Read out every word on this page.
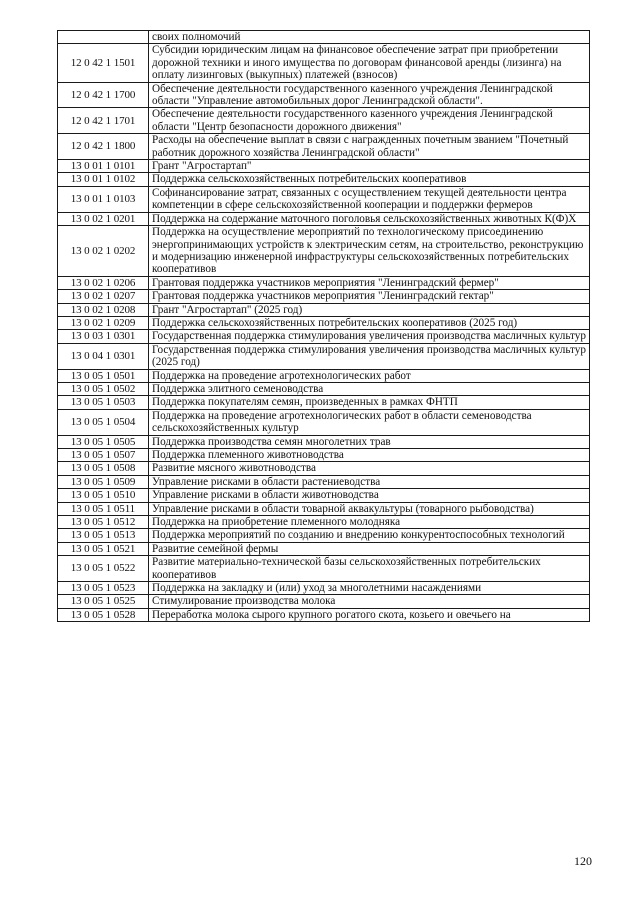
	своих полномочий
12 0 42 1 1501	Субсидии юридическим лицам на финансовое обеспечение затрат при приобретении дорожной техники и иного имущества по договорам финансовой аренды (лизинга) на оплату лизинговых (выкупных) платежей (взносов)
12 0 42 1 1700	Обеспечение деятельности государственного казенного учреждения Ленинградской области "Управление автомобильных дорог Ленинградской области".
12 0 42 1 1701	Обеспечение деятельности государственного казенного учреждения Ленинградской области "Центр безопасности дорожного движения"
12 0 42 1 1800	Расходы на обеспечение выплат в связи с награжденных почетным званием "Почетный работник дорожного хозяйства Ленинградской области"
13 0 01 1 0101	Грант "Агростартап"
13 0 01 1 0102	Поддержка сельскохозяйственных потребительских кооперативов
13 0 01 1 0103	Софинансирование затрат, связанных с осуществлением текущей деятельности центра компетенции в сфере сельскохозяйственной кооперации и поддержки фермеров
13 0 02 1 0201	Поддержка на содержание маточного поголовья сельскохозяйственных животных К(Ф)Х
13 0 02 1 0202	Поддержка на осуществление мероприятий по технологическому присоединению энергопринимающих устройств к электрическим сетям, на строительство, реконструкцию и модернизацию инженерной инфраструктуры сельскохозяйственных потребительских кооперативов
13 0 02 1 0206	Грантовая поддержка участников мероприятия "Ленинградский фермер"
13 0 02 1 0207	Грантовая поддержка участников мероприятия "Ленинградский гектар"
13 0 02 1 0208	Грант "Агростартап" (2025 год)
13 0 02 1 0209	Поддержка сельскохозяйственных потребительских кооперативов (2025 год)
13 0 03 1 0301	Государственная поддержка стимулирования увеличения производства масличных культур
13 0 04 1 0301	Государственная поддержка стимулирования увеличения производства масличных культур (2025 год)
13 0 05 1 0501	Поддержка на проведение агротехнологических работ
13 0 05 1 0502	Поддержка элитного семеноводства
13 0 05 1 0503	Поддержка покупателям семян, произведенных в рамках ФНТП
13 0 05 1 0504	Поддержка на проведение агротехнологических работ в области семеноводства сельскохозяйственных культур
13 0 05 1 0505	Поддержка производства семян многолетних трав
13 0 05 1 0507	Поддержка племенного животноводства
13 0 05 1 0508	Развитие мясного животноводства
13 0 05 1 0509	Управление рисками в области растениеводства
13 0 05 1 0510	Управление рисками в области животноводства
13 0 05 1 0511	Управление рисками в области товарной аквакультуры (товарного рыбоводства)
13 0 05 1 0512	Поддержка на приобретение племенного молодняка
13 0 05 1 0513	Поддержка мероприятий по созданию и внедрению конкурентоспособных технологий
13 0 05 1 0521	Развитие семейной фермы
13 0 05 1 0522	Развитие материально-технической базы сельскохозяйственных потребительских кооперативов
13 0 05 1 0523	Поддержка на закладку и (или) уход за многолетними насаждениями
13 0 05 1 0525	Стимулирование производства молока
13 0 05 1 0528	Переработка молока сырого крупного рогатого скота, козьего и овечьего на
120
